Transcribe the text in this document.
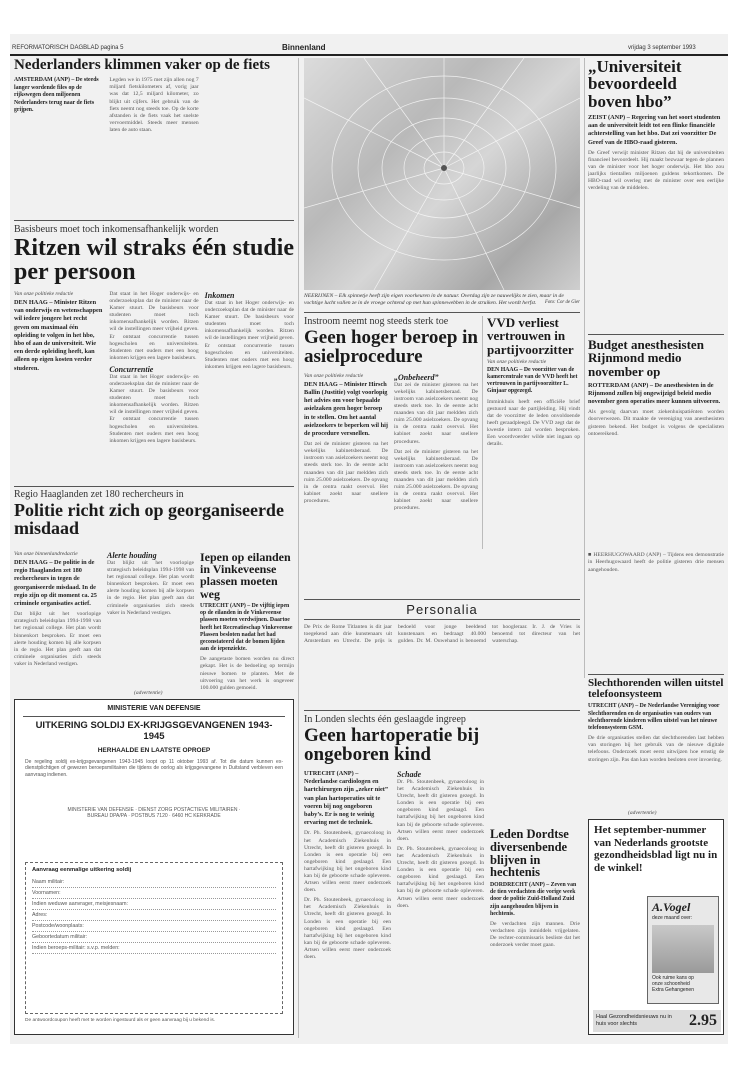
REFORMATORISCH DAGBLAD pagina 5	Binnenland	vrijdag 3 september 1993
Nederlanders klimmen vaker op de fiets
AMSTERDAM (ANP) – De steeds langer wordende files op de rijkswegen doen miljoenen Nederlanders terug naar de fiets grijpen.
Legden we in 1975 met zijn allen nog 7 miljard fietskilometers af, vorig jaar was dat 12,5 miljard kilometer, zo blijkt uit cijfers. Het gebruik van de fiets neemt nog steeds toe. Op de korte afstanden is de fiets vaak het snelste vervoermiddel. Steeds meer mensen laten de auto staan.
Basisbeurs moet toch inkomensafhankelijk worden
Ritzen wil straks één studie per persoon
Van onze politieke redactie
DEN HAAG – Minister Ritzen van onderwijs en wetenschappen wil iedere jongere het recht geven om maximaal één opleiding te volgen in het hbo, hbo of aan de universiteit. Wie een derde opleiding heeft, kan alleen op eigen kosten verder studeren.
Dat staat in het Hoger onderwijs- en onderzoeksplan dat de minister naar de Kamer stuurt. De basisbeurs voor studenten moet toch inkomensafhankelijk worden. Ritzen wil de instellingen meer vrijheid geven. Er ontstaat concurrentie tussen hogescholen en universiteiten. Studenten met ouders met een hoog inkomen krijgen een lagere basisbeurs.
Concurrentie
Dat staat in het Hoger onderwijs- en onderzoeksplan dat de minister naar de Kamer stuurt. De basisbeurs voor studenten moet toch inkomensafhankelijk worden. Ritzen wil de instellingen meer vrijheid geven. Er ontstaat concurrentie tussen hogescholen en universiteiten. Studenten met ouders met een hoog inkomen krijgen een lagere basisbeurs.
Inkomen
Dat staat in het Hoger onderwijs- en onderzoeksplan dat de minister naar de Kamer stuurt. De basisbeurs voor studenten moet toch inkomensafhankelijk worden. Ritzen wil de instellingen meer vrijheid geven. Er ontstaat concurrentie tussen hogescholen en universiteiten. Studenten met ouders met een hoog inkomen krijgen een lagere basisbeurs.
Regio Haaglanden zet 180 rechercheurs in
Politie richt zich op georganiseerde misdaad
Van onze binnenlandredactie
DEN HAAG – De politie in de regio Haaglanden zet 180 rechercheurs in tegen de georganiseerde misdaad. In de regio zijn op dit moment ca. 25 criminele organisaties actief.
Dat blijkt uit het voorlopige strategisch beleidsplan 1994-1998 van het regionaal college. Het plan wordt binnenkort besproken. Er moet een alerte houding komen bij alle korpsen in de regio. Het plan geeft aan dat criminele organisaties zich steeds vaker in Nederland vestigen.
Alerte houding
Dat blijkt uit het voorlopige strategisch beleidsplan 1994-1998 van het regionaal college. Het plan wordt binnenkort besproken. Er moet een alerte houding komen bij alle korpsen in de regio. Het plan geeft aan dat criminele organisaties zich steeds vaker in Nederland vestigen.
Iepen op eilanden in Vinkeveense plassen moeten weg
UTRECHT (ANP) – De vijftig iepen op de eilanden in de Vinkeveense plassen moeten verdwijnen. Daartoe heeft het Recreatieschap Vinkeveense Plassen besloten nadat het had geconstateerd dat de bomen lijden aan de iepenziekte.
De aangetaste bomen worden nu direct gekapt. Het is de bedoeling op termijn nieuwe bomen te planten. Met de uitvoering van het werk is ongeveer 100.000 gulden gemoeid.
(advertentie)
MINISTERIE VAN DEFENSIE
UITKERING SOLDIJ EX-KRIJGSGEVANGENEN 1943-1945
HERHAALDE EN LAATSTE OPROEP
De regeling soldij ex-krijgsgevangenen 1943-1945 loopt op 11 oktober 1993 af. Tot die datum kunnen ex-dienstplichtigen of gewezen beroepsmilitairen die tijdens de oorlog als krijgsgevangene in Duitsland verbleven een aanvraag indienen.
MINISTERIE VAN DEFENSIE · DIENST ZORG POSTACTIEVE MILITAIREN · BUREAU DPA/PA · POSTBUS 7120 · 6460 HC KERKRADE
Aanvraag eenmalige uitkering soldij
Naam militair:
Voornamen:
Indien weduwe aanvrager, meisjesnaam:
Adres:
Postcode/woonplaats:
Geboortedatum militair:
Indien beroeps-militair: s.v.p. melden:
De antwoordcoupon heeft met te worden ingestuurd als er geen aanvraag bij u bekend is.
NEERIJNEN – Elk spinnetje heeft zijn eigen voorkeuren in de natuur. Overdag zijn ze nauwelijks te zien, maar in de vochtige lucht vallen ze in de vroege ochtend op met hun spinnewebben in de struiken. Het wordt herfst. Foto: Cor de Gier
Instroom neemt nog steeds sterk toe
Geen hoger beroep in asielprocedure
Van onze politieke redactie
DEN HAAG – Minister Hirsch Ballin (Justitie) volgt voorlopig het advies om voor bepaalde asielzaken geen hoger beroep in te stellen. Om het aantal asielzoekers te beperken wil hij de procedure versnellen.
Dat zei de minister gisteren na het wekelijks kabinetsberaad. De instroom van asielzoekers neemt nog steeds sterk toe. In de eerste acht maanden van dit jaar meldden zich ruim 25.000 asielzoekers. De opvang in de centra raakt overvol. Het kabinet zoekt naar snellere procedures.
„Onbeheerd”
Dat zei de minister gisteren na het wekelijks kabinetsberaad. De instroom van asielzoekers neemt nog steeds sterk toe. In de eerste acht maanden van dit jaar meldden zich ruim 25.000 asielzoekers. De opvang in de centra raakt overvol. Het kabinet zoekt naar snellere procedures.
Dat zei de minister gisteren na het wekelijks kabinetsberaad. De instroom van asielzoekers neemt nog steeds sterk toe. In de eerste acht maanden van dit jaar meldden zich ruim 25.000 asielzoekers. De opvang in de centra raakt overvol. Het kabinet zoekt naar snellere procedures.
Personalia
De Prix de Rome Titlanten is dit jaar toegekend aan drie kunstenaars uit Amsterdam en Utrecht. De prijs is bedoeld voor jonge beeldend kunstenaars en bedraagt 40.000 gulden. Dr. M. Ouwehand is benoemd tot hoogleraar. Ir. J. de Vries is benoemd tot directeur van het waterschap.
In Londen slechts één geslaagde ingreep
Geen hartoperatie bij ongeboren kind
UTRECHT (ANP) – Nederlandse cardiologen en hartchirurgen zijn „zeker niet” van plan hartoperaties uit te voeren bij nog ongeboren baby’s. Er is nog te weinig ervaring met de techniek.
Dr. Ph. Stoutenbeek, gynaecoloog in het Academisch Ziekenhuis in Utrecht, heeft dit gisteren gezegd. In Londen is een operatie bij een ongeboren kind geslaagd. Een hartafwijking bij het ongeboren kind kan bij de geboorte schade opleveren. Artsen willen eerst meer onderzoek doen.
Dr. Ph. Stoutenbeek, gynaecoloog in het Academisch Ziekenhuis in Utrecht, heeft dit gisteren gezegd. In Londen is een operatie bij een ongeboren kind geslaagd. Een hartafwijking bij het ongeboren kind kan bij de geboorte schade opleveren. Artsen willen eerst meer onderzoek doen.
Schade
Dr. Ph. Stoutenbeek, gynaecoloog in het Academisch Ziekenhuis in Utrecht, heeft dit gisteren gezegd. In Londen is een operatie bij een ongeboren kind geslaagd. Een hartafwijking bij het ongeboren kind kan bij de geboorte schade opleveren. Artsen willen eerst meer onderzoek doen.
Dr. Ph. Stoutenbeek, gynaecoloog in het Academisch Ziekenhuis in Utrecht, heeft dit gisteren gezegd. In Londen is een operatie bij een ongeboren kind geslaagd. Een hartafwijking bij het ongeboren kind kan bij de geboorte schade opleveren. Artsen willen eerst meer onderzoek doen.
Leden Dordtse diversenbende blijven in hechtenis
DORDRECHT (ANP) – Zeven van de tien verdachten die vorige week door de politie Zuid-Holland Zuid zijn aangehouden blijven in hechtenis.
De verdachten zijn mannen. Drie verdachten zijn inmiddels vrijgelaten. De rechter-commissaris besliste dat het onderzoek verder moet gaan.
„Universiteit bevoordeeld boven hbo”
ZEIST (ANP) – Regering van het soort studenten aan de universiteit leidt tot een flinke financiële achterstelling van het hbo. Dat zei voorzitter De Greef van de HBO-raad gisteren.
De Greef verwijt minister Ritzen dat hij de universiteiten financieel bevoordeelt. Hij maakt bezwaar tegen de plannen van de minister voor het hoger onderwijs. Het hbo zou jaarlijks tientallen miljoenen guldens tekortkomen. De HBO-raad wil overleg met de minister over een eerlijke verdeling van de middelen.
Budget anesthesisten Rijnmond medio november op
ROTTERDAM (ANP) – De anesthesisten in de Rijnmond zullen bij ongewijzigd beleid medio november geen operaties meer kunnen uitvoeren.
Als gevolg daarvan moet ziekenhuispatiënten worden doorverwezen. Dit maakte de vereniging van anesthesisten gisteren bekend. Het budget is volgens de specialisten ontoereikend.
■ HEERHUGOWAARD (ANP) – Tijdens een demonstratie in Heerhugowaard heeft de politie gisteren drie mensen aangehouden.
Slechthorenden willen uitstel telefoonsysteem
UTRECHT (ANP) – De Nederlandse Vereniging voor Slechthorenden en de organisaties van ouders van slechthorende kinderen willen uitstel van het nieuwe telefoonsysteem GSM.
De drie organisaties stellen dat slechthorenden last hebben van storingen bij het gebruik van de nieuwe digitale telefoons. Onderzoek moet eerst uitwijzen hoe ernstig de storingen zijn. Pas dan kan worden besloten over invoering.
(advertentie)
Het september-nummer van Nederlands grootste gezondheidsblad ligt nu in de winkel!
A.Vogel
deze maand over:
Ook ruime kans op
onze schoonheid
Extra Gehangenen
Haal Gezondheidsnieuws nu in huis voor slechts	2.95
VVD verliest vertrouwen in partijvoorzitter
Van onze politieke redactie
DEN HAAG – De voorzitter van de kamercentrale van de VVD heeft het vertrouwen in partijvoorzitter L. Ginjaar opgezegd.
Imminkhuis heeft een officiële brief gestuurd naar de partijleiding. Hij vindt dat de voorzitter de leden onvoldoende heeft geraadpleegd. De VVD zegt dat de kwestie intern zal worden besproken. Een woordvoerder wilde niet ingaan op details.
